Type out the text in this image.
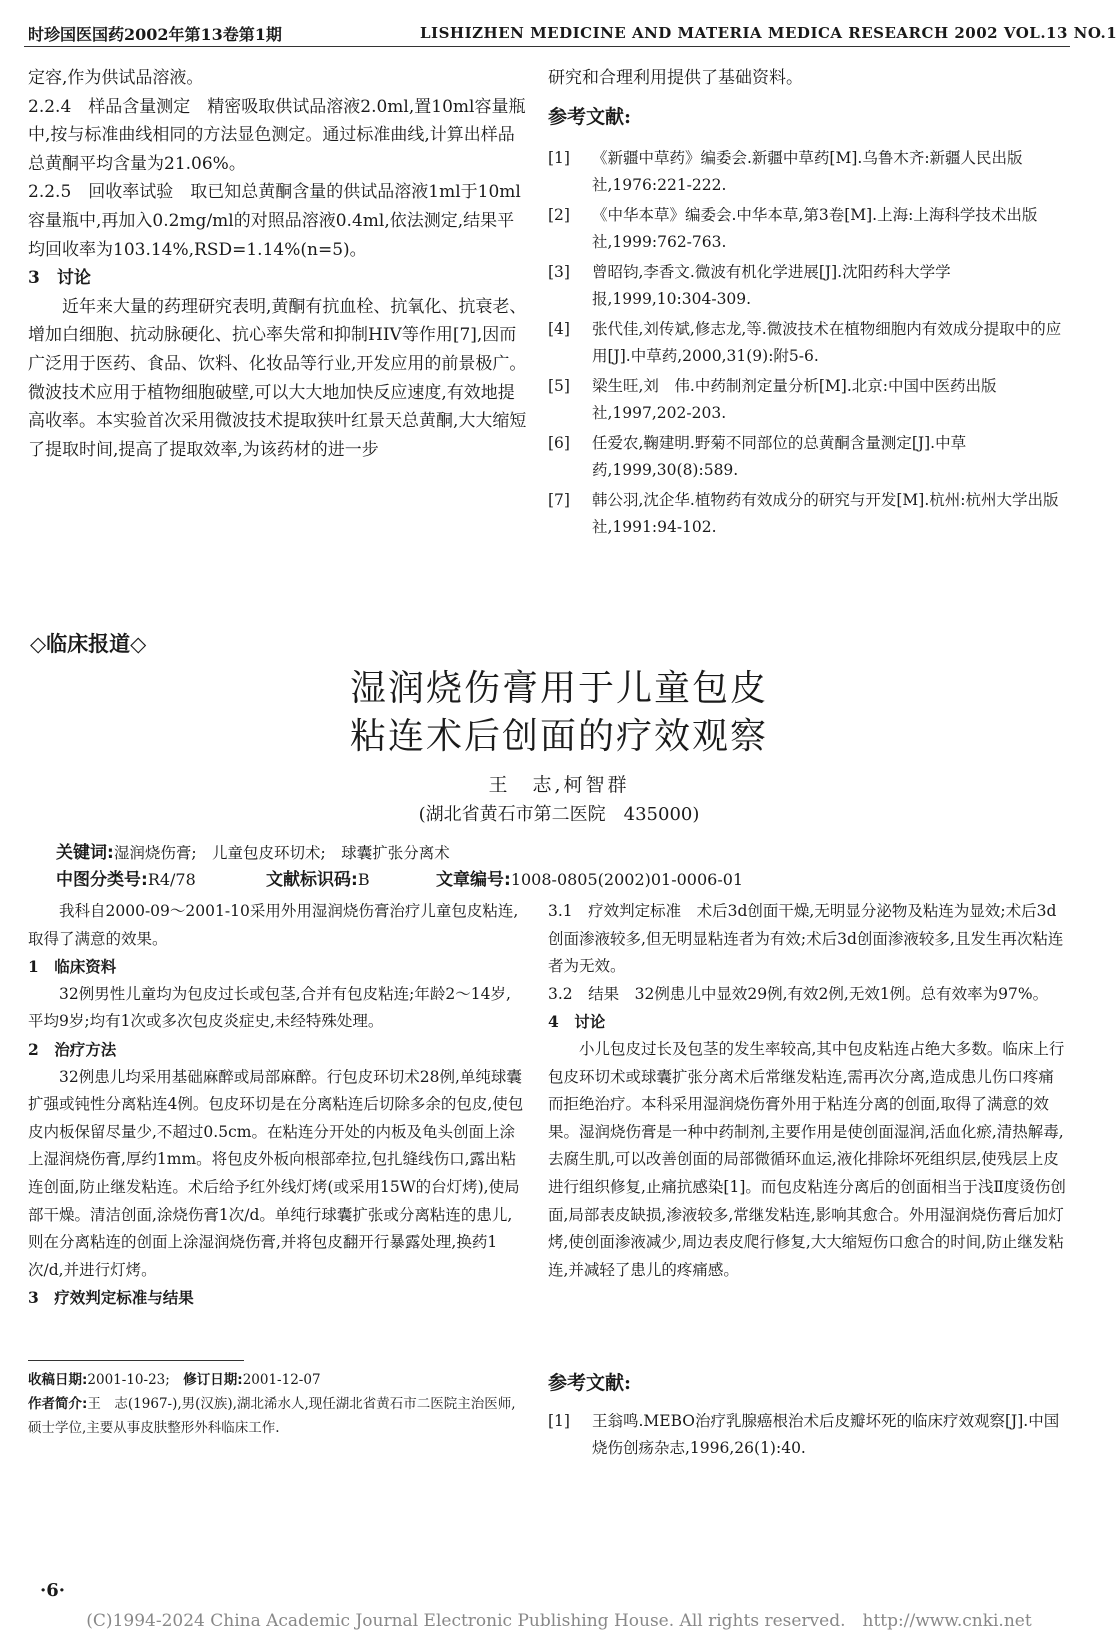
时珍国医国药2002年第13卷第1期	LISHIZHEN MEDICINE AND MATERIA MEDICA RESEARCH 2002 VOL.13 NO.1

定容,作为供试品溶液。

2.2.4　样品含量测定　精密吸取供试品溶液2.0ml,置10ml容量瓶中,按与标准曲线相同的方法显色测定。通过标准曲线,计算出样品总黄酮平均含量为21.06%。

2.2.5　回收率试验　取已知总黄酮含量的供试品溶液1ml于10ml容量瓶中,再加入0.2mg/ml的对照品溶液0.4ml,依法测定,结果平均回收率为103.14%,RSD=1.14%(n=5)。

3　讨论

近年来大量的药理研究表明,黄酮有抗血栓、抗氧化、抗衰老、增加白细胞、抗动脉硬化、抗心率失常和抑制HIV等作用[7],因而广泛用于医药、食品、饮料、化妆品等行业,开发应用的前景极广。微波技术应用于植物细胞破壁,可以大大地加快反应速度,有效地提高收率。本实验首次采用微波技术提取狭叶红景天总黄酮,大大缩短了提取时间,提高了提取效率,为该药材的进一步

研究和合理利用提供了基础资料。

参考文献:
[1]	《新疆中草药》编委会.新疆中草药[M].乌鲁木齐:新疆人民出版社,1976:221-222.
[2]	《中华本草》编委会.中华本草,第3卷[M].上海:上海科学技术出版社,1999:762-763.
[3]	曾昭钧,李香文.微波有机化学进展[J].沈阳药科大学学报,1999,10:304-309.
[4]	张代佳,刘传斌,修志龙,等.微波技术在植物细胞内有效成分提取中的应用[J].中草药,2000,31(9):附5-6.
[5]	梁生旺,刘　伟.中药制剂定量分析[M].北京:中国中医药出版社,1997,202-203.
[6]	任爱农,鞠建明.野菊不同部位的总黄酮含量测定[J].中草药,1999,30(8):589.
[7]	韩公羽,沈企华.植物药有效成分的研究与开发[M].杭州:杭州大学出版社,1991:94-102.
◇临床报道◇
湿润烧伤膏用于儿童包皮
粘连术后创面的疗效观察
王　志,柯智群
(湖北省黄石市第二医院　435000)
关键词:湿润烧伤膏;　儿童包皮环切术;　球囊扩张分离术
中图分类号:R4/78	文献标识码:B	文章编号:1008-0805(2002)01-0006-01

我科自2000-09～2001-10采用外用湿润烧伤膏治疗儿童包皮粘连,取得了满意的效果。

1　临床资料

32例男性儿童均为包皮过长或包茎,合并有包皮粘连;年龄2～14岁,平均9岁;均有1次或多次包皮炎症史,未经特殊处理。

2　治疗方法

32例患儿均采用基础麻醉或局部麻醉。行包皮环切术28例,单纯球囊扩强或钝性分离粘连4例。包皮环切是在分离粘连后切除多余的包皮,使包皮内板保留尽量少,不超过0.5cm。在粘连分开处的内板及龟头创面上涂上湿润烧伤膏,厚约1mm。将包皮外板向根部牵拉,包扎缝线伤口,露出粘连创面,防止继发粘连。术后给予红外线灯烤(或采用15W的台灯烤),使局部干燥。清洁创面,涂烧伤膏1次/d。单纯行球囊扩张或分离粘连的患儿,则在分离粘连的创面上涂湿润烧伤膏,并将包皮翻开行暴露处理,换药1次/d,并进行灯烤。

3　疗效判定标准与结果

3.1　疗效判定标准　术后3d创面干燥,无明显分泌物及粘连为显效;术后3d创面渗液较多,但无明显粘连者为有效;术后3d创面渗液较多,且发生再次粘连者为无效。

3.2　结果　32例患儿中显效29例,有效2例,无效1例。总有效率为97%。

4　讨论

小儿包皮过长及包茎的发生率较高,其中包皮粘连占绝大多数。临床上行包皮环切术或球囊扩张分离术后常继发粘连,需再次分离,造成患儿伤口疼痛而拒绝治疗。本科采用湿润烧伤膏外用于粘连分离的创面,取得了满意的效果。湿润烧伤膏是一种中药制剂,主要作用是使创面湿润,活血化瘀,清热解毒,去腐生肌,可以改善创面的局部微循环血运,液化排除坏死组织层,使残层上皮进行组织修复,止痛抗感染[1]。而包皮粘连分离后的创面相当于浅Ⅱ度烫伤创面,局部表皮缺损,渗液较多,常继发粘连,影响其愈合。外用湿润烧伤膏后加灯烤,使创面渗液减少,周边表皮爬行修复,大大缩短伤口愈合的时间,防止继发粘连,并减轻了患儿的疼痛感。

收稿日期:2001-10-23;　 修订日期:2001-12-07
作者简介:王　志(1967-),男(汉族),湖北浠水人,现任湖北省黄石市二医院主治医师,硕士学位,主要从事皮肤整形外科临床工作.
参考文献:
[1]	王翁鸣.MEBO治疗乳腺癌根治术后皮瓣坏死的临床疗效观察[J].中国烧伤创疡杂志,1996,26(1):40.
·6·
(C)1994-2024 China Academic Journal Electronic Publishing House. All rights reserved.　http://www.cnki.net
